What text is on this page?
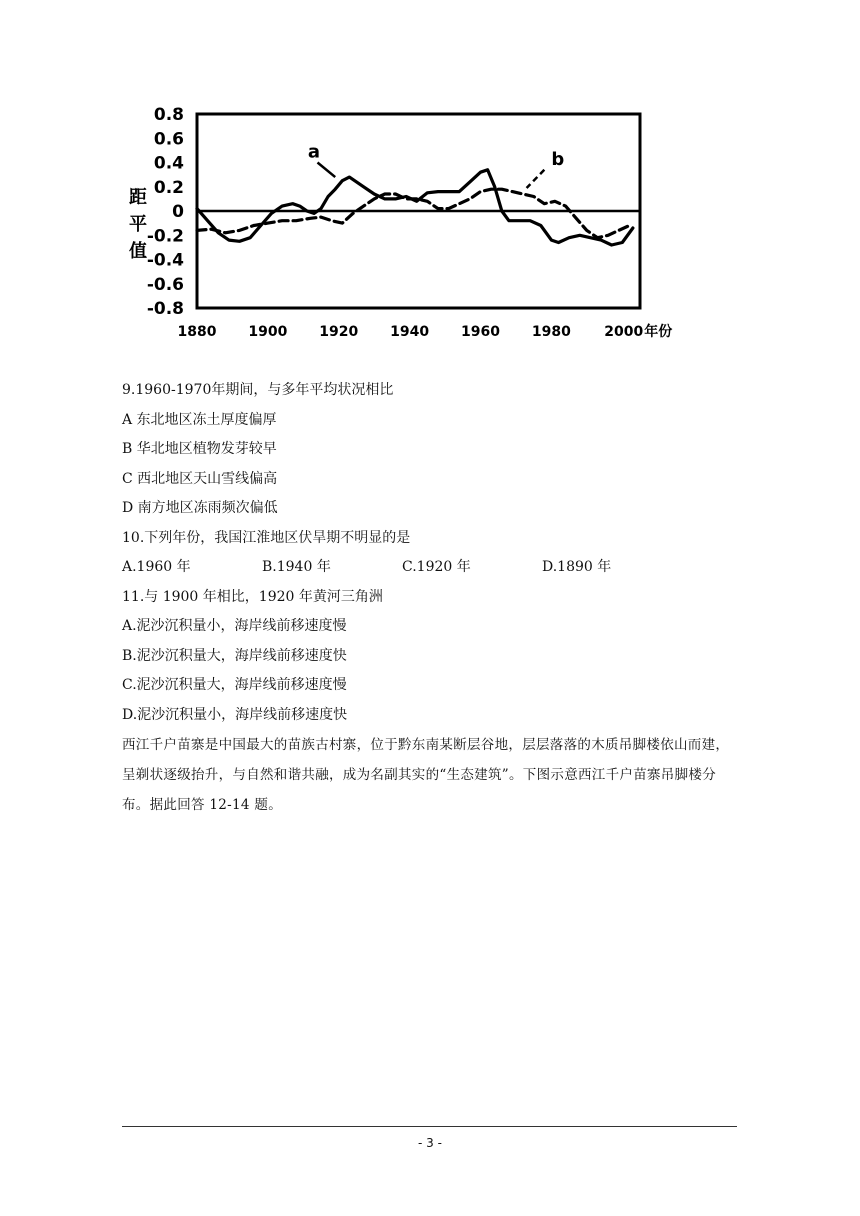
距
平
值
0.8
0.6
0.4
0.2
0
-0.2
-0.4
-0.6
-0.8
1880 1900 1920 1940 1960 1980 2000 年份
a	b
9.1960-1970年期间，与多年平均状况相比
A 东北地区冻土厚度偏厚
B 华北地区植物发芽较早
C 西北地区天山雪线偏高
D 南方地区冻雨频次偏低
10.下列年份，我国江淮地区伏旱期不明显的是
A.1960 年	B.1940 年	C.1920 年	D.1890 年
11.与 1900 年相比，1920 年黄河三角洲
A.泥沙沉积量小，海岸线前移速度慢
B.泥沙沉积量大，海岸线前移速度快
C.泥沙沉积量大，海岸线前移速度慢
D.泥沙沉积量小，海岸线前移速度快
西江千户苗寨是中国最大的苗族古村寨，位于黔东南某断层谷地，层层落落的木质吊脚楼依山而建，呈剃状逐级抬升，与自然和谐共融，成为名副其实的“生态建筑”。下图示意西江千户苗寨吊脚楼分布。据此回答 12-14 题。
- 3 -
